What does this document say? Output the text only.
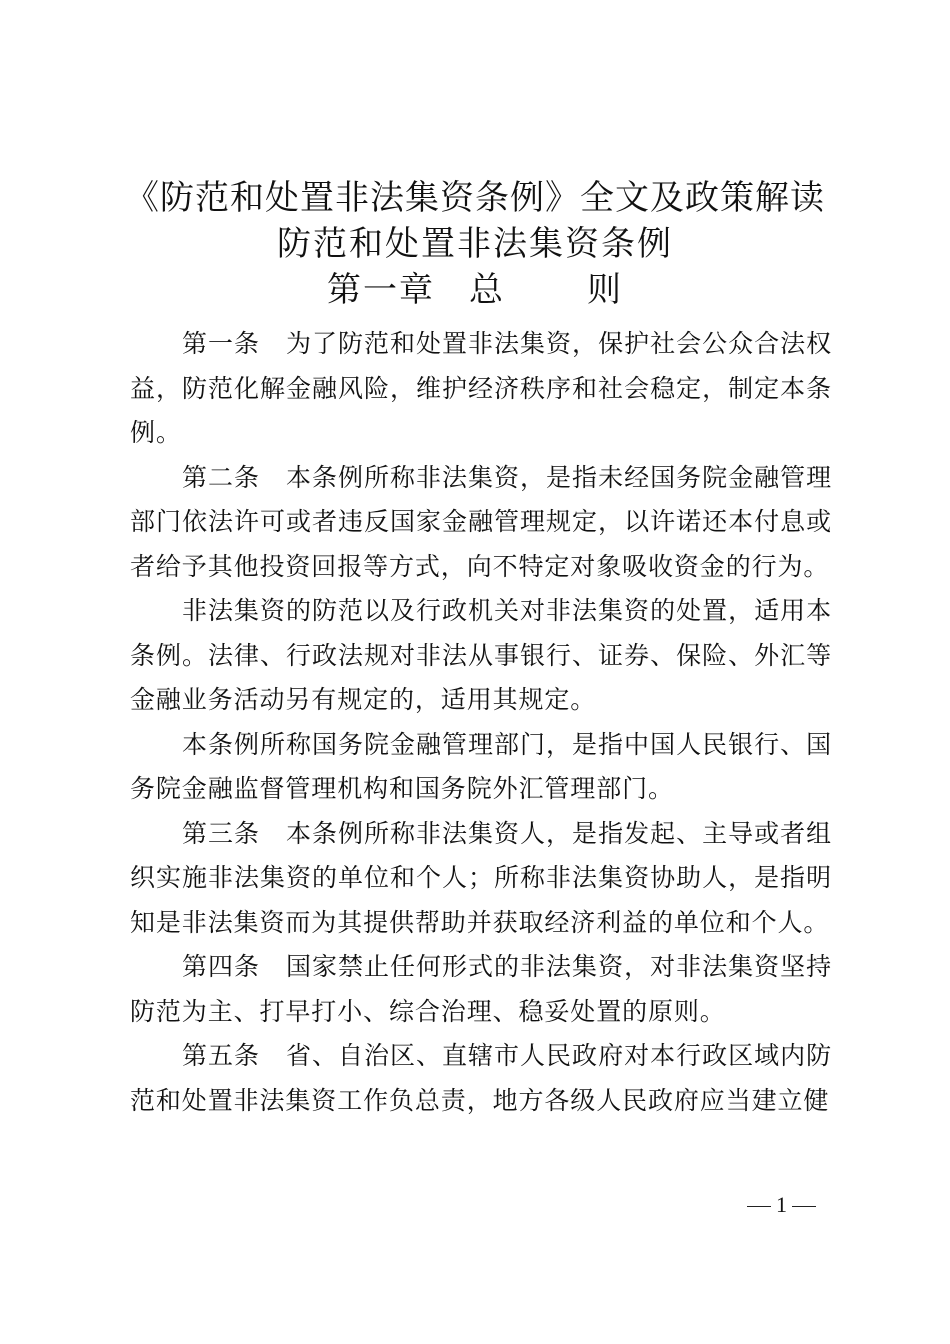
《防范和处置非法集资条例》全文及政策解读
防范和处置非法集资条例
第一章 总 则

第一条 为了防范和处置非法集资，保护社会公众合法权益，防范化解金融风险，维护经济秩序和社会稳定，制定本条例。

第二条 本条例所称非法集资，是指未经国务院金融管理部门依法许可或者违反国家金融管理规定，以许诺还本付息或者给予其他投资回报等方式，向不特定对象吸收资金的行为。

非法集资的防范以及行政机关对非法集资的处置，适用本条例。法律、行政法规对非法从事银行、证券、保险、外汇等金融业务活动另有规定的，适用其规定。

本条例所称国务院金融管理部门，是指中国人民银行、国务院金融监督管理机构和国务院外汇管理部门。

第三条 本条例所称非法集资人，是指发起、主导或者组织实施非法集资的单位和个人；所称非法集资协助人，是指明知是非法集资而为其提供帮助并获取经济利益的单位和个人。

第四条 国家禁止任何形式的非法集资，对非法集资坚持防范为主、打早打小、综合治理、稳妥处置的原则。

第五条 省、自治区、直辖市人民政府对本行政区域内防范和处置非法集资工作负总责，地方各级人民政府应当建立健

1
